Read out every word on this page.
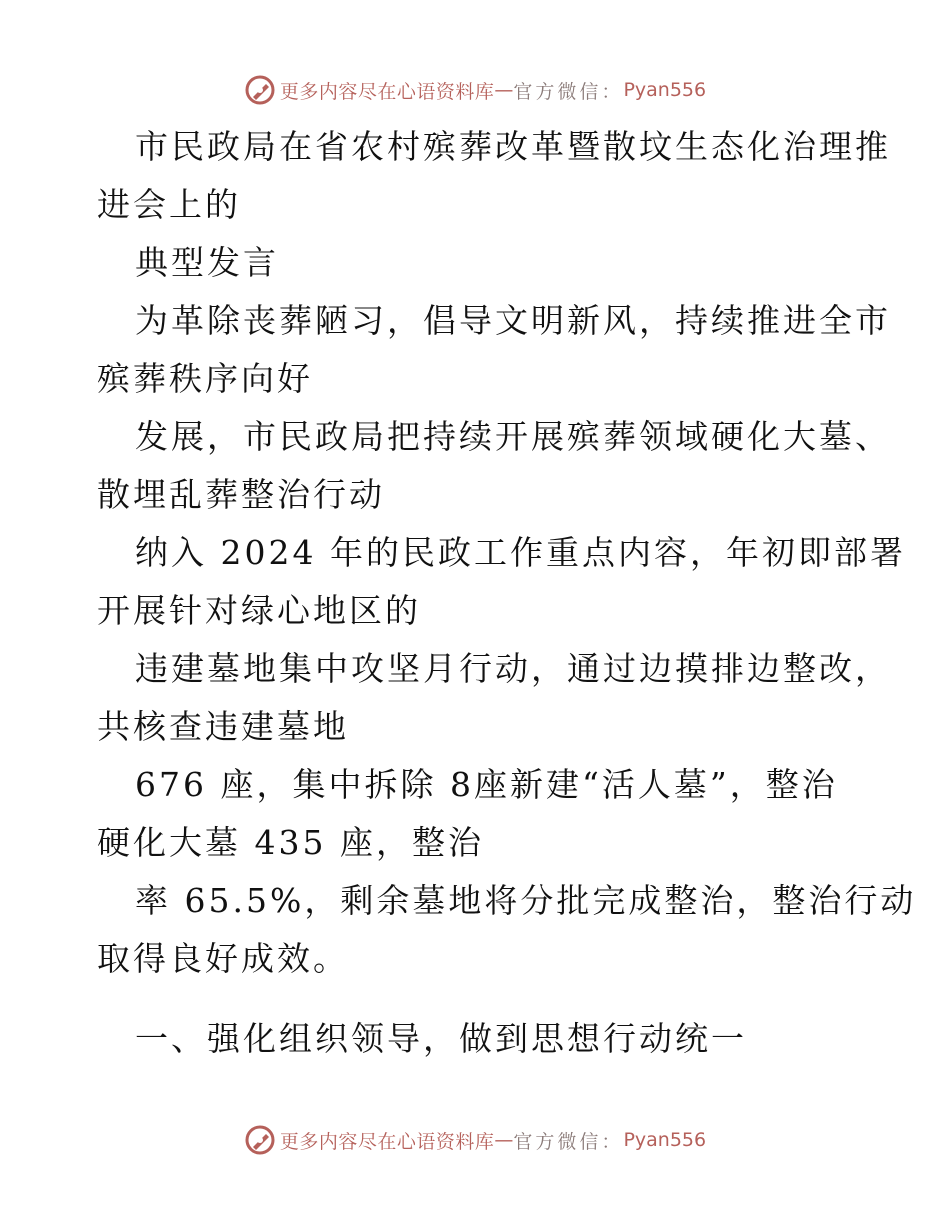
更多内容尽在心语资料库 — 官方微信： Pyan556
市民政局在省农村殡葬改革暨散坟生态化治理推
进会上的
典型发言
为革除丧葬陋习，倡导文明新风，持续推进全市
殡葬秩序向好
发展，市民政局把持续开展殡葬领域硬化大墓、
散埋乱葬整治行动
纳入 2024 年的民政工作重点内容，年初即部署
开展针对绿心地区的
违建墓地集中攻坚月行动，通过边摸排边整改，
共核查违建墓地
676 座，集中拆除 8座新建“活人墓”，整治
硬化大墓 435 座，整治
率 65.5%，剩余墓地将分批完成整治，整治行动
取得良好成效。
一、强化组织领导，做到思想行动统一
更多内容尽在心语资料库 — 官方微信： Pyan556
